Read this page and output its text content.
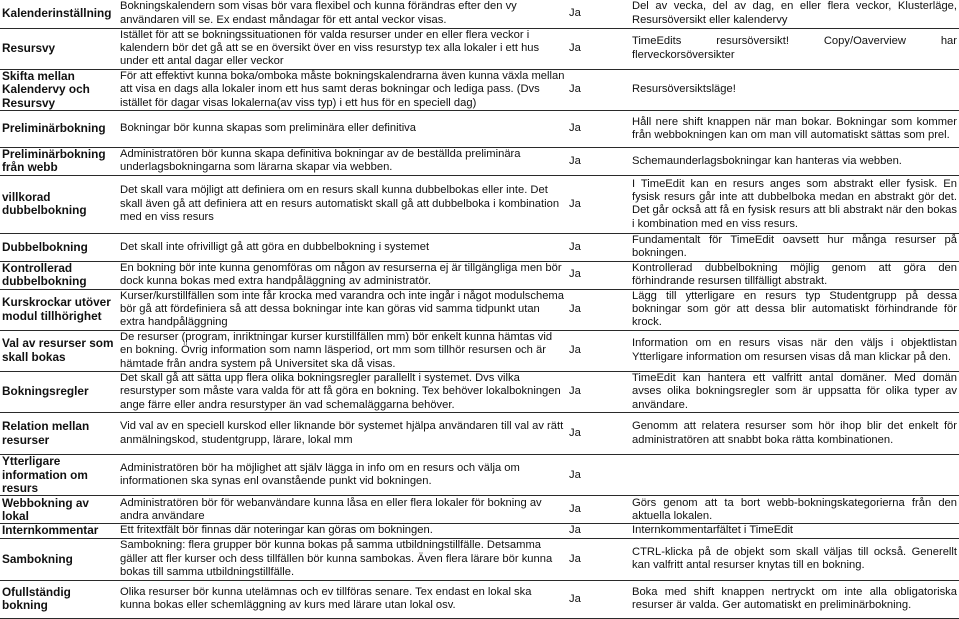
Kalenderinställning	Bokningskalendern som visas bör vara flexibel och kunna förändras efter den vy användaren vill se. Ex endast måndagar för ett antal veckor visas.	Ja	Del av vecka, del av dag, en eller flera veckor, Klusterläge, Resursöversikt eller kalendervy
Resursvy	Istället för att se bokningssituationen för valda resurser under en eller flera veckor i kalendern bör det gå att se en översikt över en viss resurstyp tex alla lokaler i ett hus under ett antal dagar eller veckor	Ja	TimeEdits resursöversikt! Copy/Oaverview har flerveckorsöversikter
Skifta mellan Kalendervy och Resursvy	För att effektivt kunna boka/omboka måste bokningskalendrarna även kunna växla mellan att visa en dags alla lokaler inom ett hus samt deras bokningar och lediga pass. (Dvs istället för dagar visas lokalerna(av viss typ) i ett hus för en speciell dag)	Ja	Resursöversiktsläge!
Preliminärbokning	Bokningar bör kunna skapas som preliminära eller definitiva	Ja	Håll nere shift knappen när man bokar. Bokningar som kommer från webbokningen kan om man vill automatiskt sättas som prel.
Preliminärbokning från webb	Administratören bör kunna skapa definitiva bokningar av de beställda preliminära underlagsbokningarna som lärarna skapar via webben.	Ja	Schemaunderlagsbokningar kan hanteras via webben.
villkorad dubbelbokning	Det skall vara möjligt att definiera om en resurs skall kunna dubbelbokas eller inte. Det skall även gå att definiera att en resurs automatiskt skall gå att dubbelboka i kombination med en viss resurs	Ja	I TimeEdit kan en resurs anges som abstrakt eller fysisk. En fysisk resurs går inte att dubbelboka medan en abstrakt gör det. Det går också att få en fysisk resurs att bli abstrakt när den bokas i kombination med en viss resurs.
Dubbelbokning	Det skall inte ofrivilligt gå att göra en dubbelbokning i systemet	Ja	Fundamentalt för TimeEdit oavsett hur många resurser på bokningen.
Kontrollerad dubbelbokning	En bokning bör inte kunna genomföras om någon av resurserna ej är tillgängliga men bör dock kunna bokas med extra handpåläggning av administratör.	Ja	Kontrollerad dubbelbokning möjlig genom att göra den förhindrande resursen tillfälligt abstrakt.
Kurskrockar utöver modul tillhörighet	Kurser/kurstillfällen som inte får krocka med varandra och inte ingår i något modulschema bör gå att fördefiniera så att dessa bokningar inte kan göras vid samma tidpunkt utan extra handpåläggning	Ja	Lägg till ytterligare en resurs typ Studentgrupp på dessa bokningar som gör att dessa blir automatiskt förhindrande för krock.
Val av resurser som skall bokas	De resurser (program, inriktningar kurser kurstillfällen mm) bör enkelt kunna hämtas vid en bokning. Övrig information som namn läsperiod, ort mm som tillhör resursen och är hämtade från andra system på Universitet ska då visas.	Ja	Information om en resurs visas när den väljs i objektlistan Ytterligare information om resursen visas då man klickar på den.
Bokningsregler	Det skall gå att sätta upp flera olika bokningsregler parallellt i systemet. Dvs vilka resurstyper som måste vara valda för att få göra en bokning. Tex behöver lokalbokningen ange färre eller andra resurstyper än vad schemaläggarna behöver.	Ja	TimeEdit kan hantera ett valfritt antal domäner. Med domän avses olika bokningsregler som är uppsatta för olika typer av användare.
Relation mellan resurser	Vid val av en speciell kurskod eller liknande bör systemet hjälpa användaren till val av rätt anmälningskod, studentgrupp, lärare, lokal mm	Ja	Genomm att relatera resurser som hör ihop blir det enkelt för administratören att snabbt boka rätta kombinationen.
Ytterligare information om resurs	Administratören bör ha möjlighet att själv lägga in info om en resurs och välja om informationen ska synas enl ovanstående punkt vid bokningen.	Ja	
Webbokning av lokal	Administratören bör för webanvändare kunna låsa en eller flera lokaler för bokning av andra användare	Ja	Görs genom att ta bort webb-bokningskategorierna från den aktuella lokalen.
Internkommentar	Ett fritextfält bör finnas där noteringar kan göras om bokningen.	Ja	Internkommentarfältet i TimeEdit
Sambokning	Sambokning: flera grupper bör kunna bokas på samma utbildningstillfälle. Detsamma gäller att fler kurser och dess tillfällen bör kunna sambokas. Även flera lärare bör kunna bokas till samma utbildningstillfälle.	Ja	CTRL-klicka på de objekt som skall väljas till också. Generellt kan valfritt antal resurser knytas till en bokning.
Ofullständig bokning	Olika resurser bör kunna utelämnas och ev tillföras senare. Tex endast en lokal ska kunna bokas eller schemläggning av kurs med lärare utan lokal osv.	Ja	Boka med shift knappen nertryckt om inte alla obligatoriska resurser är valda. Ger automatiskt en preliminärbokning.
